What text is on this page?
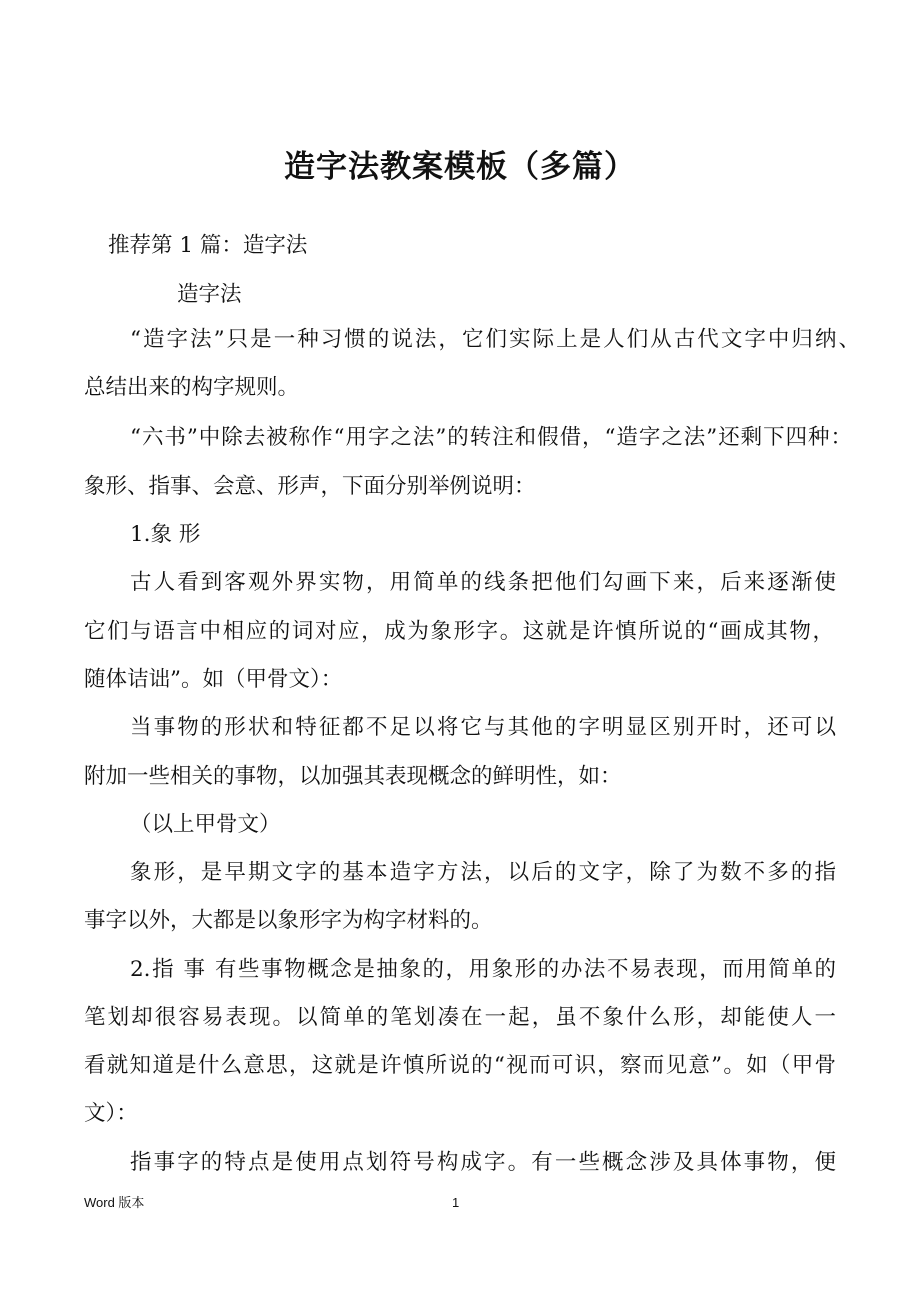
造字法教案模板（多篇）
推荐第 1 篇：造字法
造字法
“造字法”只是一种习惯的说法，它们实际上是人们从古代文字中归纳、
总结出来的构字规则。
“六书”中除去被称作“用字之法”的转注和假借，“造字之法”还剩下四种：
象形、指事、会意、形声，下面分别举例说明：
1.象 形
古人看到客观外界实物，用简单的线条把他们勾画下来，后来逐渐使
它们与语言中相应的词对应，成为象形字。这就是许慎所说的“画成其物，
随体诘诎”。如（甲骨文）：
当事物的形状和特征都不足以将它与其他的字明显区别开时，还可以
附加一些相关的事物，以加强其表现概念的鲜明性，如：
（以上甲骨文）
象形，是早期文字的基本造字方法，以后的文字，除了为数不多的指
事字以外，大都是以象形字为构字材料的。
2.指 事 有些事物概念是抽象的，用象形的办法不易表现，而用简单的
笔划却很容易表现。以简单的笔划凑在一起，虽不象什么形，却能使人一
看就知道是什么意思，这就是许慎所说的“视而可识，察而见意”。如（甲骨
文）：
指事字的特点是使用点划符号构成字。有一些概念涉及具体事物，便
Word 版本	1
